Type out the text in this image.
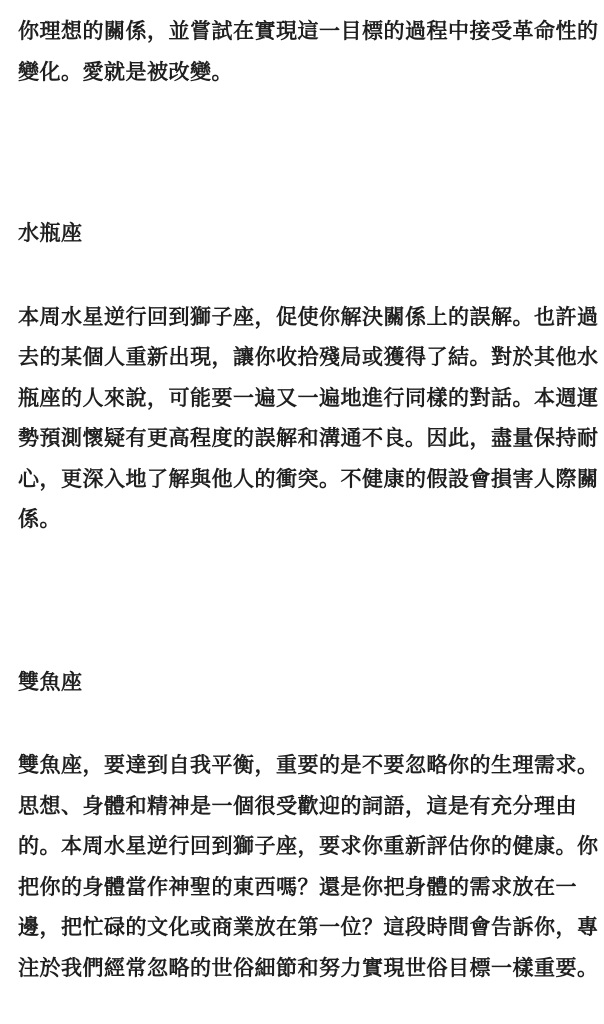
你理想的關係，並嘗試在實現這一目標的過程中接受革命性的變化。愛就是被改變。

水瓶座

本周水星逆行回到獅子座，促使你解決關係上的誤解。也許過去的某個人重新出現，讓你收拾殘局或獲得了結。對於其他水瓶座的人來說，可能要一遍又一遍地進行同樣的對話。本週運勢預測懷疑有更高程度的誤解和溝通不良。因此，盡量保持耐心，更深入地了解與他人的衝突。不健康的假設會損害人際關係。

雙魚座

雙魚座，要達到自我平衡，重要的是不要忽略你的生理需求。思想、身體和精神是一個很受歡迎的詞語，這是有充分理由的。本周水星逆行回到獅子座，要求你重新評估你的健康。你把你的身體當作神聖的東西嗎？還是你把身體的需求放在一邊，把忙碌的文化或商業放在第一位？這段時間會告訴你，專注於我們經常忽略的世俗細節和努力實現世俗目標一樣重要。
